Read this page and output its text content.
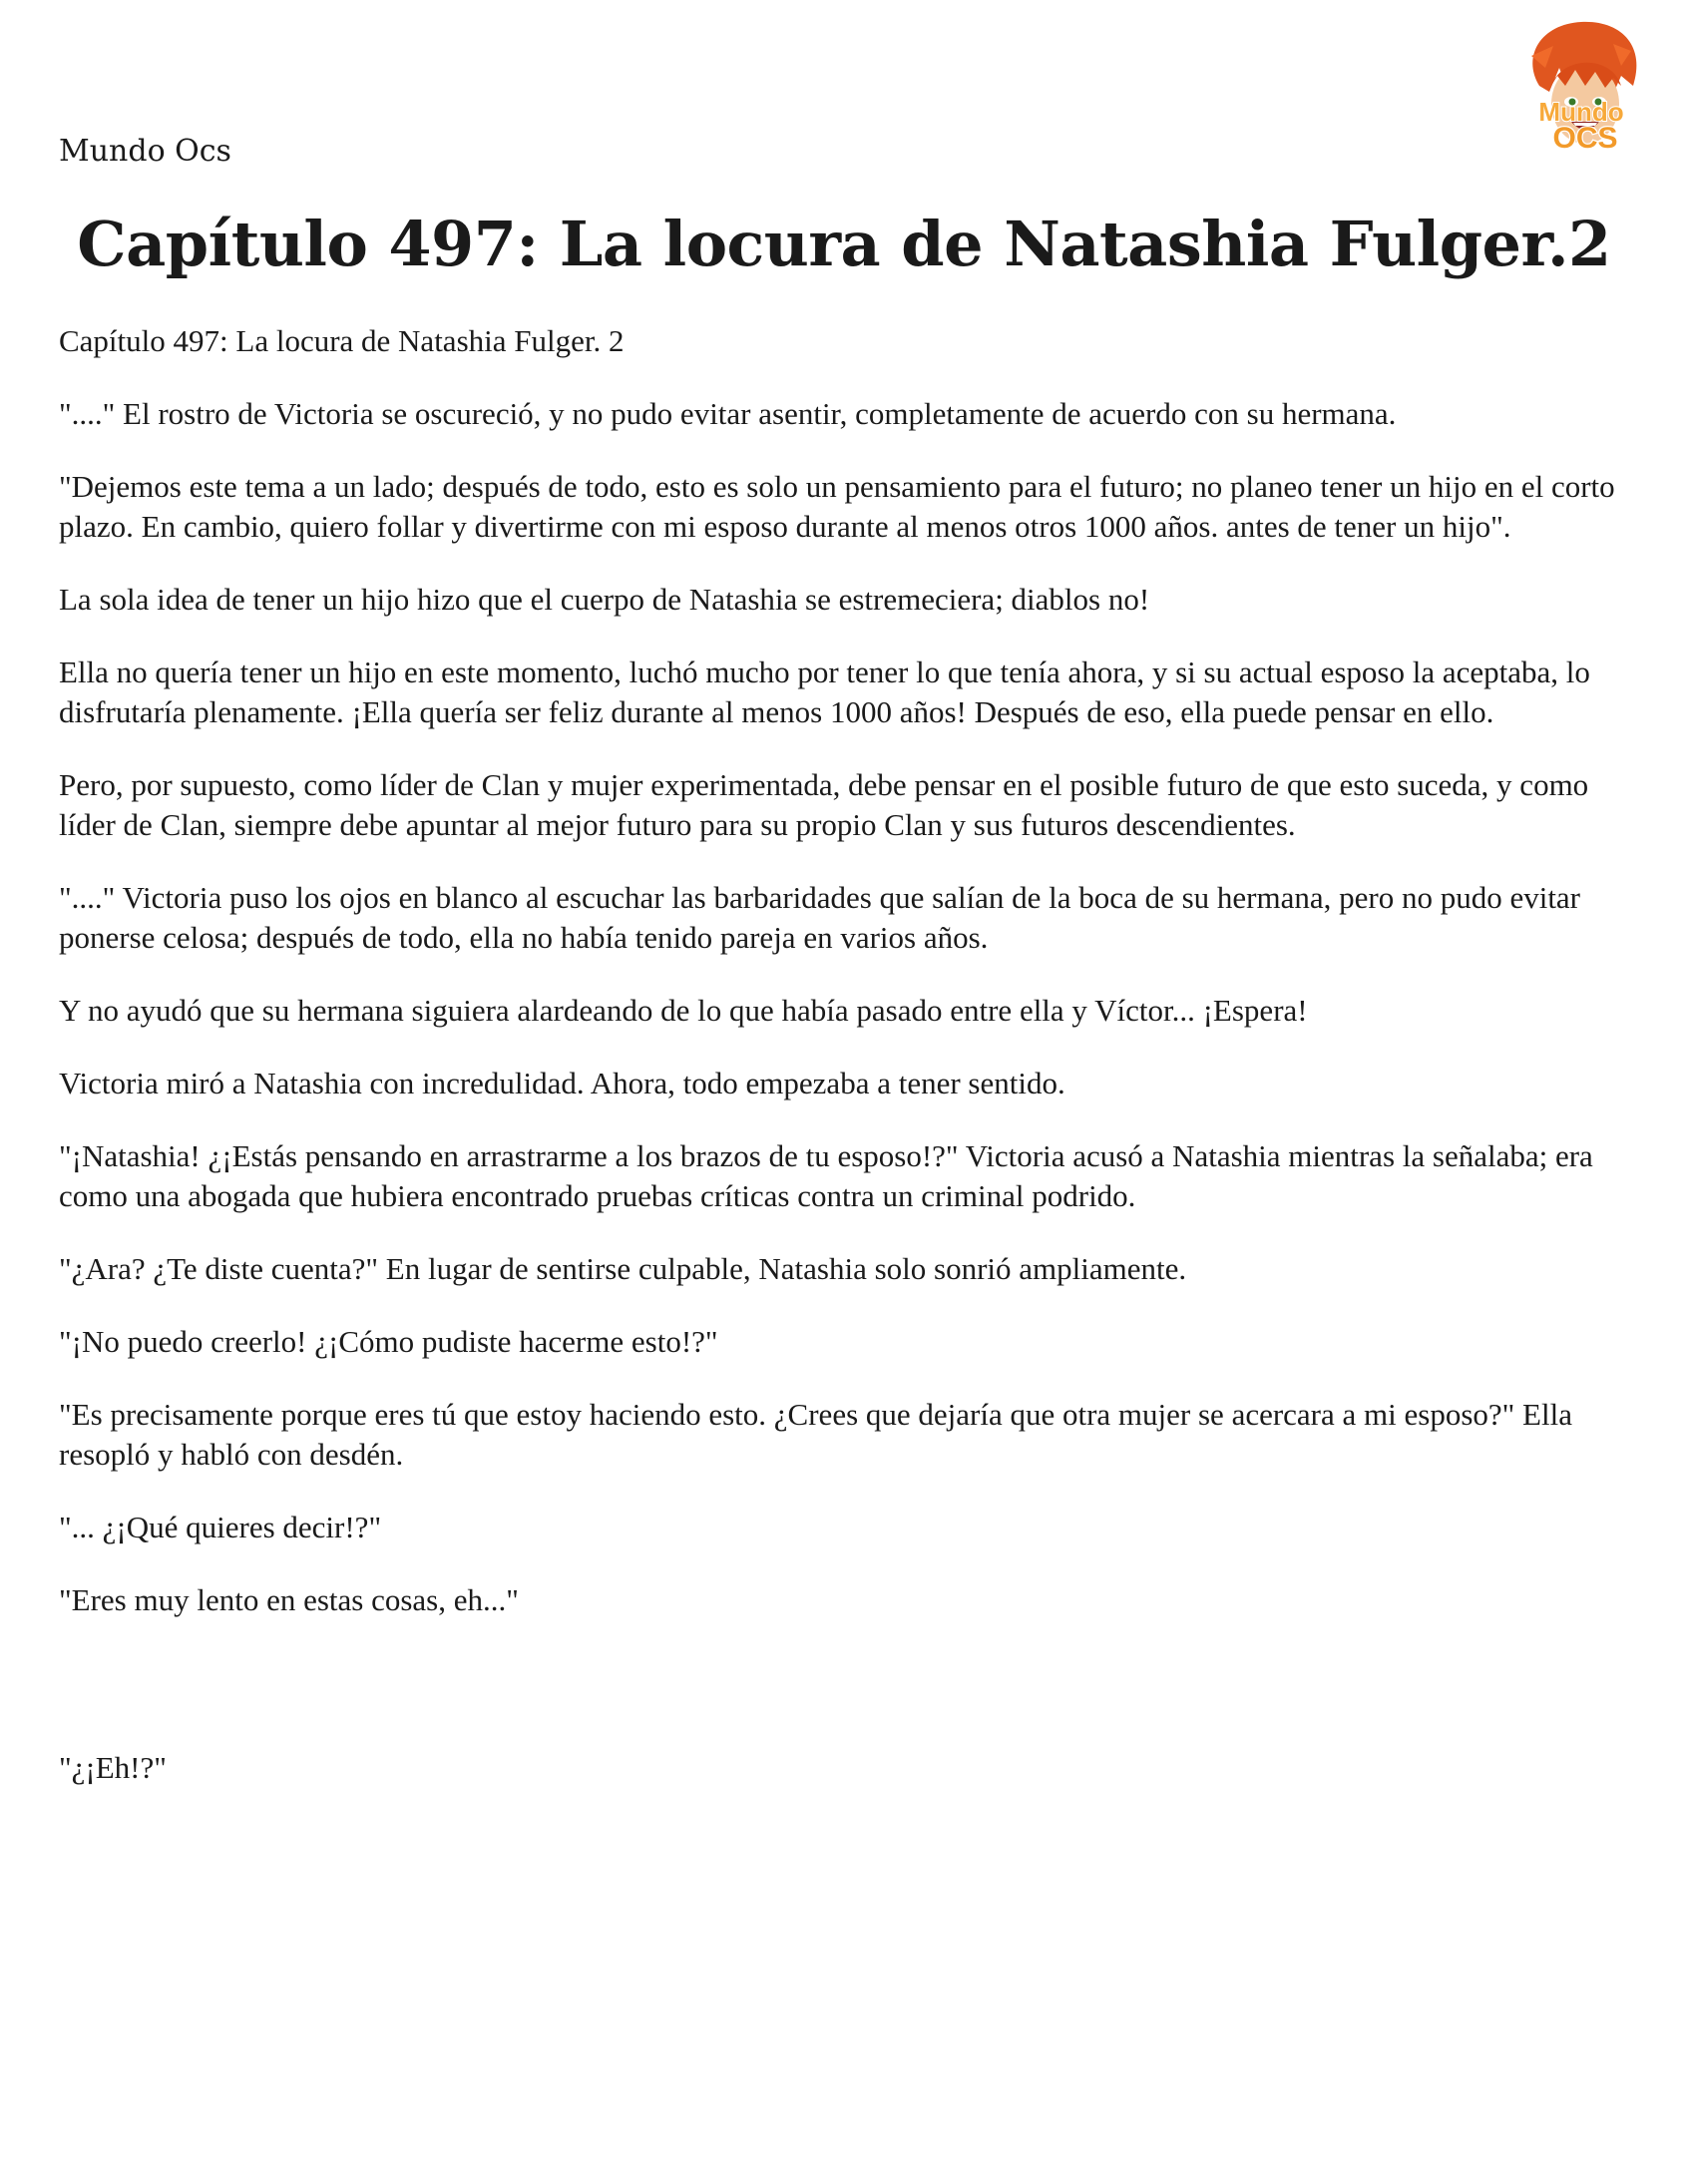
Mundo Ocs
Mundo
OCS
Capítulo 497: La locura de Natashia Fulger.2

Capítulo 497: La locura de Natashia Fulger. 2

"...." El rostro de Victoria se oscureció, y no pudo evitar asentir, completamente de acuerdo con su hermana.

"Dejemos este tema a un lado; después de todo, esto es solo un pensamiento para el futuro; no planeo tener un hijo en el corto plazo. En cambio, quiero follar y divertirme con mi esposo durante al menos otros 1000 años. antes de tener un hijo".

La sola idea de tener un hijo hizo que el cuerpo de Natashia se estremeciera; diablos no!

Ella no quería tener un hijo en este momento, luchó mucho por tener lo que tenía ahora, y si su actual esposo la aceptaba, lo disfrutaría plenamente. ¡Ella quería ser feliz durante al menos 1000 años! Después de eso, ella puede pensar en ello.

Pero, por supuesto, como líder de Clan y mujer experimentada, debe pensar en el posible futuro de que esto suceda, y como líder de Clan, siempre debe apuntar al mejor futuro para su propio Clan y sus futuros descendientes.

"...." Victoria puso los ojos en blanco al escuchar las barbaridades que salían de la boca de su hermana, pero no pudo evitar ponerse celosa; después de todo, ella no había tenido pareja en varios años.

Y no ayudó que su hermana siguiera alardeando de lo que había pasado entre ella y Víctor... ¡Espera!

Victoria miró a Natashia con incredulidad. Ahora, todo empezaba a tener sentido.

"¡Natashia! ¿¡Estás pensando en arrastrarme a los brazos de tu esposo!?" Victoria acusó a Natashia mientras la señalaba; era como una abogada que hubiera encontrado pruebas críticas contra un criminal podrido.

"¿Ara? ¿Te diste cuenta?" En lugar de sentirse culpable, Natashia solo sonrió ampliamente.

"¡No puedo creerlo! ¿¡Cómo pudiste hacerme esto!?"

"Es precisamente porque eres tú que estoy haciendo esto. ¿Crees que dejaría que otra mujer se acercara a mi esposo?" Ella resopló y habló con desdén.

"... ¿¡Qué quieres decir!?"

"Eres muy lento en estas cosas, eh..."

"¿¡Eh!?"
